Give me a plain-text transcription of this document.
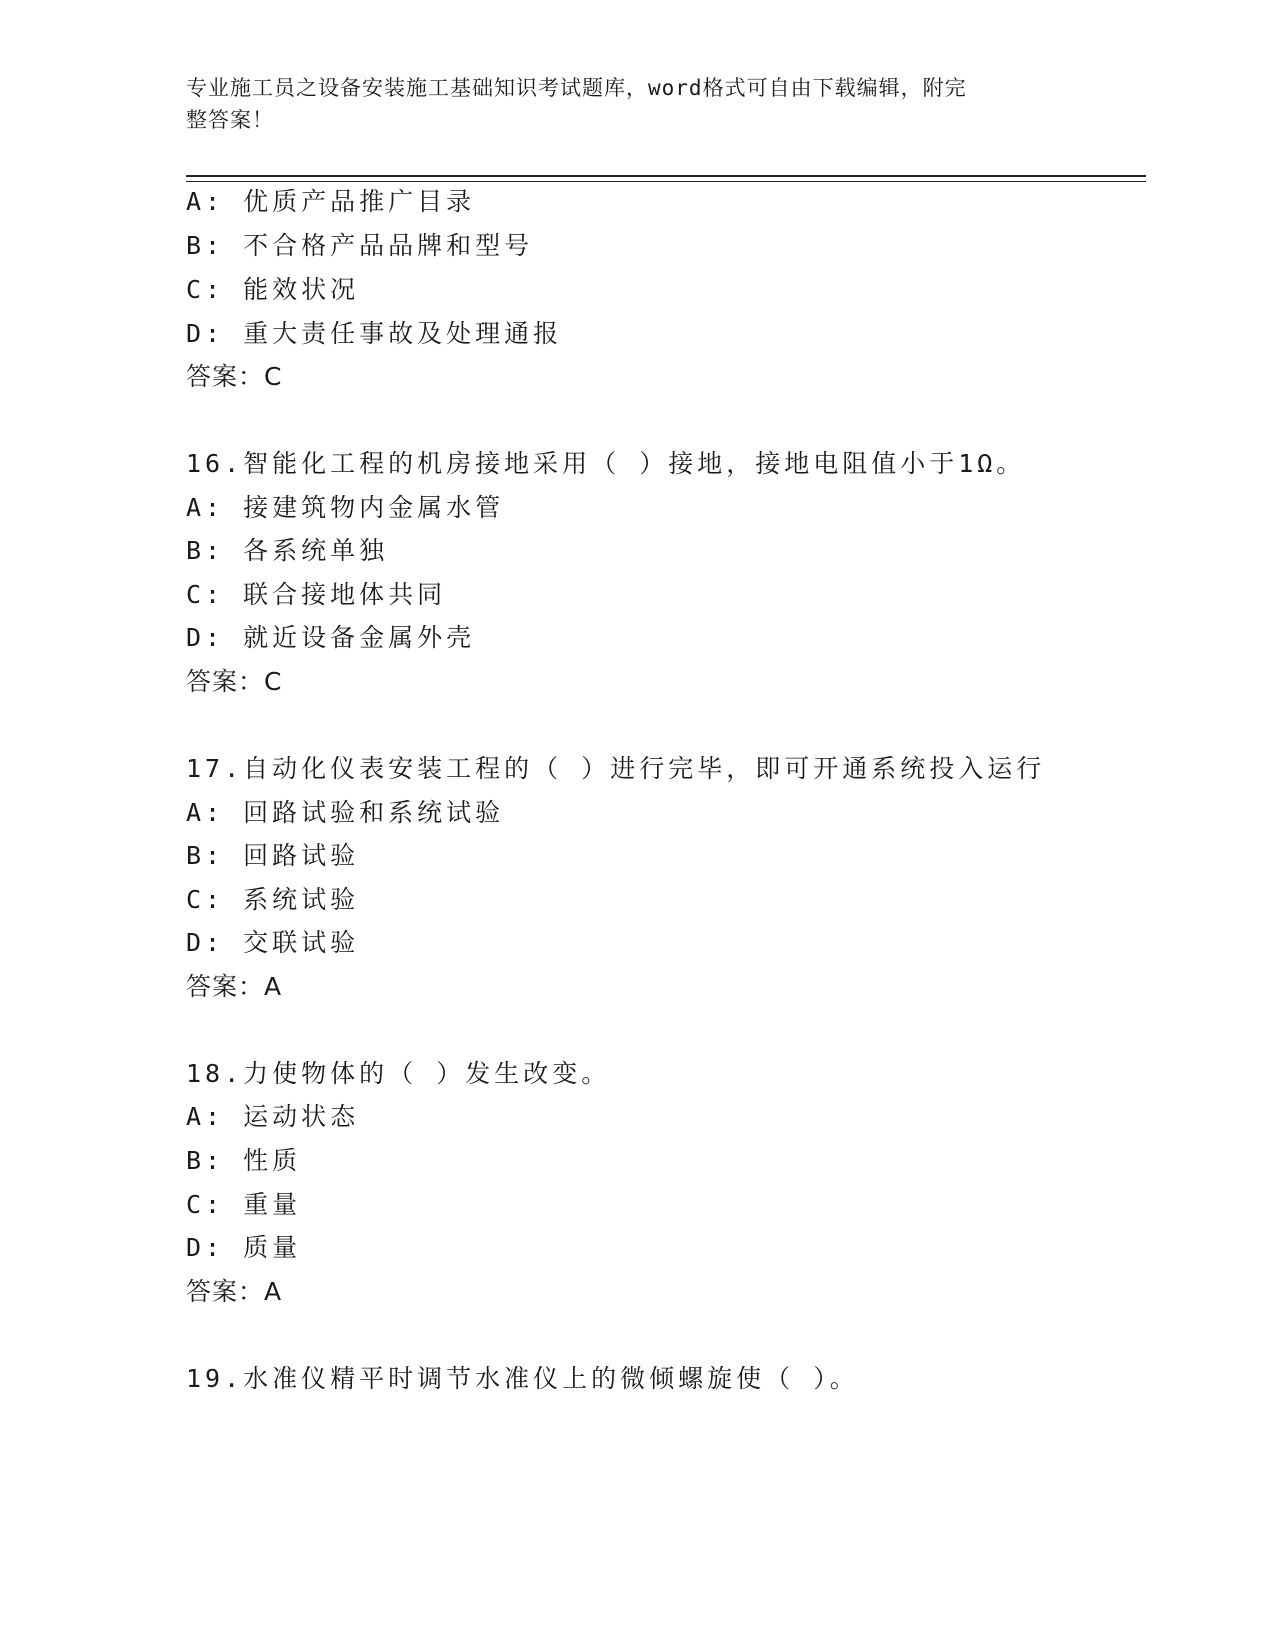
专业施工员之设备安装施工基础知识考试题库，word格式可自由下载编辑，附完
整答案！
A: 优质产品推广目录
B: 不合格产品品牌和型号
C: 能效状况
D: 重大责任事故及处理通报
答案：C
16.智能化工程的机房接地采用（ ）接地，接地电阻值小于1Ω。
A: 接建筑物内金属水管
B: 各系统单独
C: 联合接地体共同
D: 就近设备金属外壳
答案：C
17.自动化仪表安装工程的（ ）进行完毕，即可开通系统投入运行
A: 回路试验和系统试验
B: 回路试验
C: 系统试验
D: 交联试验
答案：A
18.力使物体的（ ）发生改变。
A: 运动状态
B: 性质
C: 重量
D: 质量
答案：A
19.水准仪精平时调节水准仪上的微倾螺旋使（ ）。
